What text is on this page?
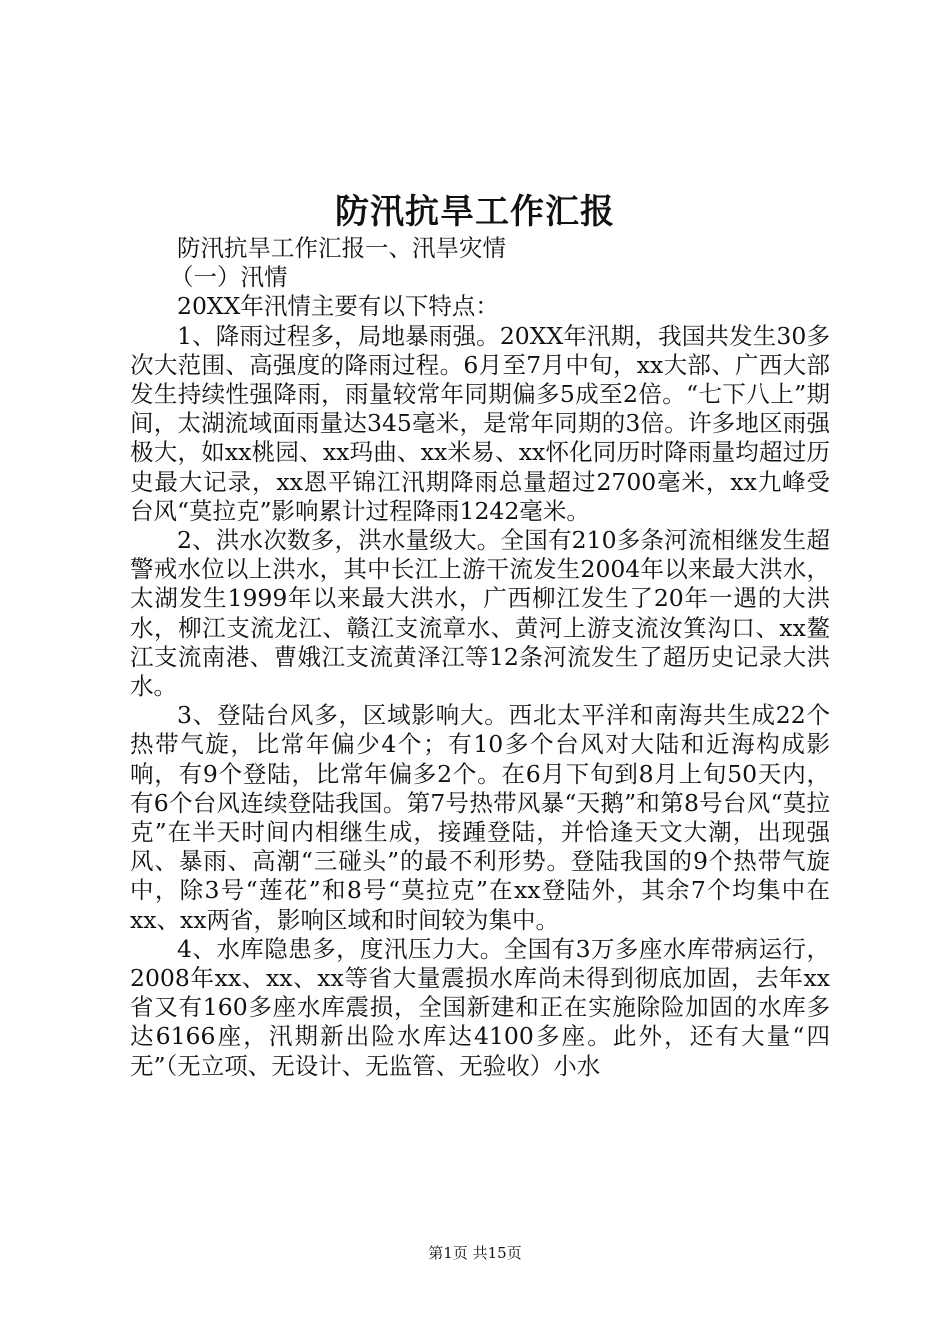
防汛抗旱工作汇报

防汛抗旱工作汇报一、汛旱灾情

（一）汛情

20XX年汛情主要有以下特点：

1、降雨过程多，局地暴雨强。20XX年汛期，我国共发生30多次大范围、高强度的降雨过程。6月至7月中旬，xx大部、广西大部发生持续性强降雨，雨量较常年同期偏多5成至2倍。“七下八上”期间，太湖流域面雨量达345毫米，是常年同期的3倍。许多地区雨强极大，如xx桃园、xx玛曲、xx米易、xx怀化同历时降雨量均超过历史最大记录，xx恩平锦江汛期降雨总量超过2700毫米，xx九峰受台风“莫拉克”影响累计过程降雨1242毫米。

2、洪水次数多，洪水量级大。全国有210多条河流相继发生超警戒水位以上洪水，其中长江上游干流发生2004年以来最大洪水，太湖发生1999年以来最大洪水，广西柳江发生了20年一遇的大洪水，柳江支流龙江、赣江支流章水、黄河上游支流汝箕沟口、xx鳌江支流南港、曹娥江支流黄泽江等12条河流发生了超历史记录大洪水。

3、登陆台风多，区域影响大。西北太平洋和南海共生成22个热带气旋，比常年偏少4个；有10多个台风对大陆和近海构成影响，有9个登陆，比常年偏多2个。在6月下旬到8月上旬50天内，有6个台风连续登陆我国。第7号热带风暴“天鹅”和第8号台风“莫拉克”在半天时间内相继生成，接踵登陆，并恰逢天文大潮，出现强风、暴雨、高潮“三碰头”的最不利形势。登陆我国的9个热带气旋中，除3号“莲花”和8号“莫拉克”在xx登陆外，其余7个均集中在xx、xx两省，影响区域和时间较为集中。

4、水库隐患多，度汛压力大。全国有3万多座水库带病运行，2008年xx、xx、xx等省大量震损水库尚未得到彻底加固，去年xx省又有160多座水库震损，全国新建和正在实施除险加固的水库多达6166座，汛期新出险水库达4100多座。此外，还有大量“四无”（无立项、无设计、无监管、无验收）小水

第1页 共15页
